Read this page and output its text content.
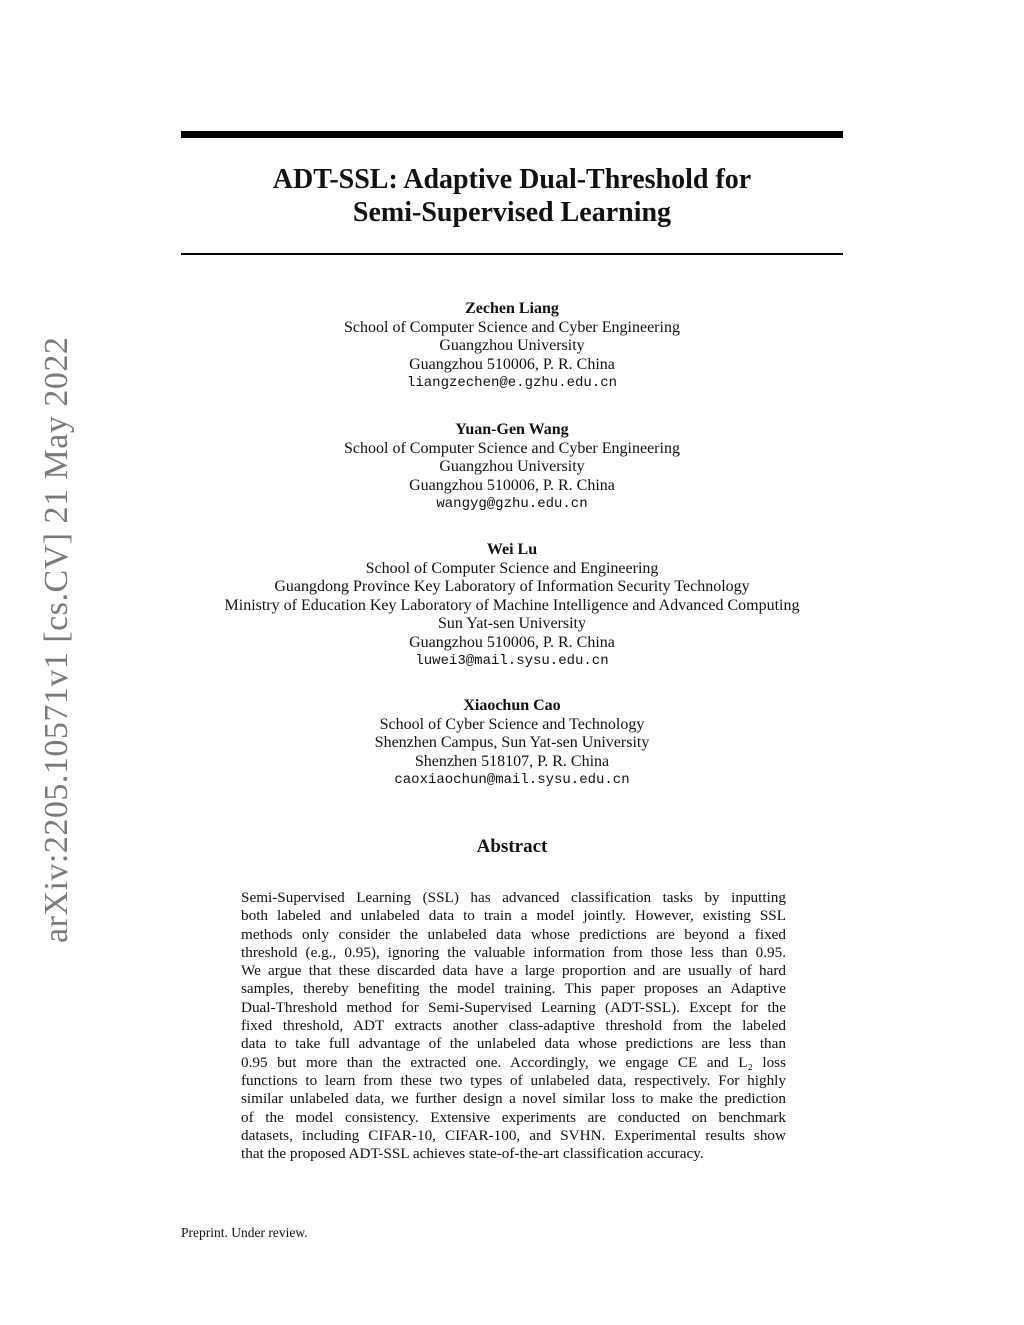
ADT-SSL: Adaptive Dual-Threshold for
Semi-Supervised Learning
arXiv:2205.10571v1 [cs.CV] 21 May 2022
Zechen Liang
School of Computer Science and Cyber Engineering
Guangzhou University
Guangzhou 510006, P. R. China
liangzechen@e.gzhu.edu.cn
Yuan-Gen Wang
School of Computer Science and Cyber Engineering
Guangzhou University
Guangzhou 510006, P. R. China
wangyg@gzhu.edu.cn
Wei Lu
School of Computer Science and Engineering
Guangdong Province Key Laboratory of Information Security Technology
Ministry of Education Key Laboratory of Machine Intelligence and Advanced Computing
Sun Yat-sen University
Guangzhou 510006, P. R. China
luwei3@mail.sysu.edu.cn
Xiaochun Cao
School of Cyber Science and Technology
Shenzhen Campus, Sun Yat-sen University
Shenzhen 518107, P. R. China
caoxiaochun@mail.sysu.edu.cn
Abstract
Semi-Supervised Learning (SSL) has advanced classification tasks by inputting
both labeled and unlabeled data to train a model jointly. However, existing SSL
methods only consider the unlabeled data whose predictions are beyond a fixed
threshold (e.g., 0.95), ignoring the valuable information from those less than 0.95.
We argue that these discarded data have a large proportion and are usually of hard
samples, thereby benefiting the model training. This paper proposes an Adaptive
Dual-Threshold method for Semi-Supervised Learning (ADT-SSL). Except for the
fixed threshold, ADT extracts another class-adaptive threshold from the labeled
data to take full advantage of the unlabeled data whose predictions are less than
0.95 but more than the extracted one. Accordingly, we engage CE and L₂ loss
functions to learn from these two types of unlabeled data, respectively. For highly
similar unlabeled data, we further design a novel similar loss to make the prediction
of the model consistency. Extensive experiments are conducted on benchmark
datasets, including CIFAR-10, CIFAR-100, and SVHN. Experimental results show
that the proposed ADT-SSL achieves state-of-the-art classification accuracy.
Preprint. Under review.
